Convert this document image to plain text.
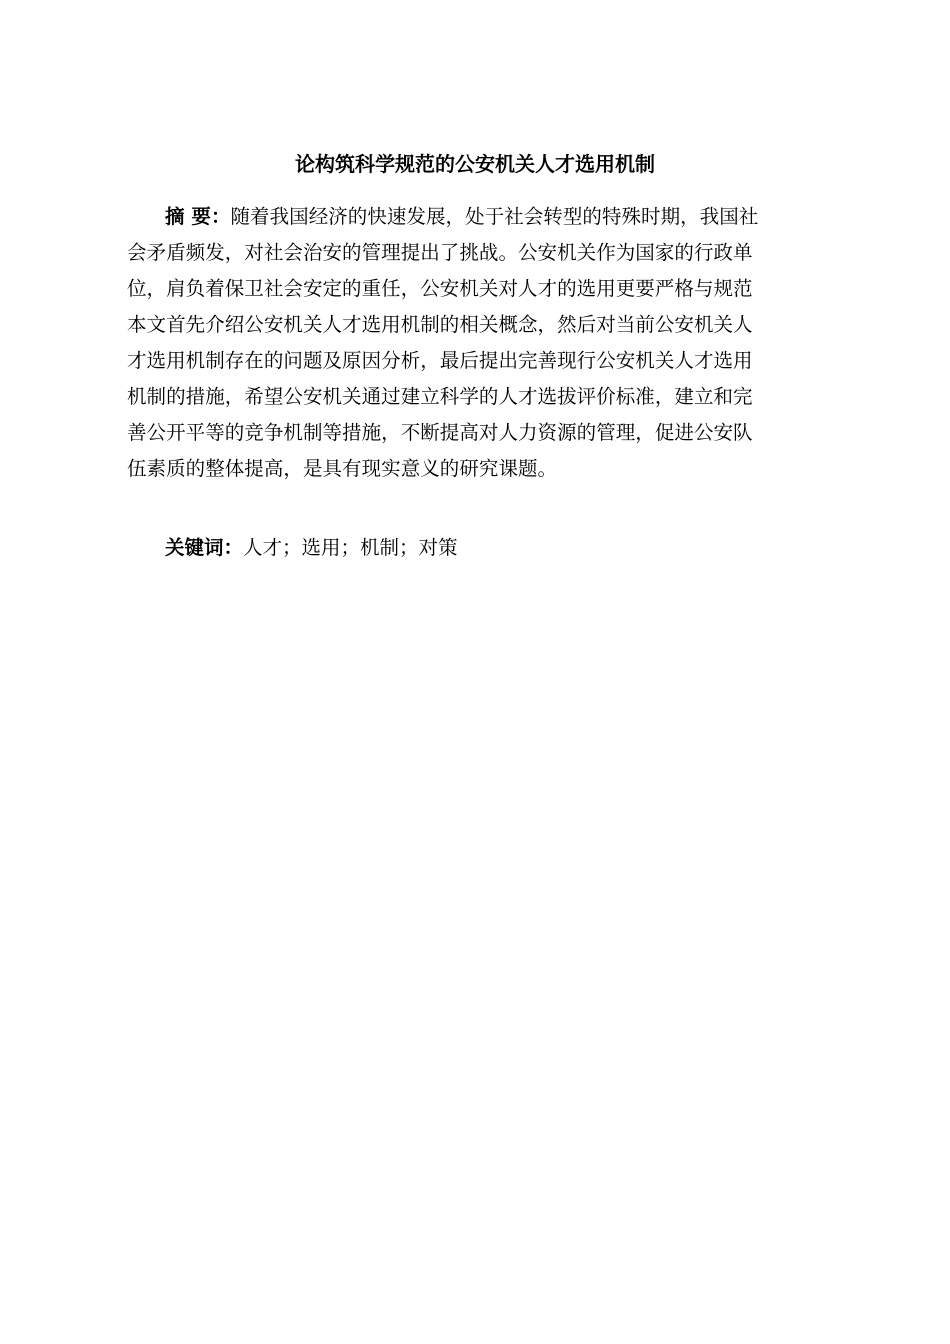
论构筑科学规范的公安机关人才选用机制
摘 要：随着我国经济的快速发展，处于社会转型的特殊时期，我国社
会矛盾频发，对社会治安的管理提出了挑战。公安机关作为国家的行政单
位，肩负着保卫社会安定的重任，公安机关对人才的选用更要严格与规范
本文首先介绍公安机关人才选用机制的相关概念，然后对当前公安机关人
才选用机制存在的问题及原因分析，最后提出完善现行公安机关人才选用
机制的措施，希望公安机关通过建立科学的人才选拔评价标准，建立和完
善公开平等的竞争机制等措施，不断提高对人力资源的管理，促进公安队
伍素质的整体提高，是具有现实意义的研究课题。
关键词：人才；选用；机制；对策
